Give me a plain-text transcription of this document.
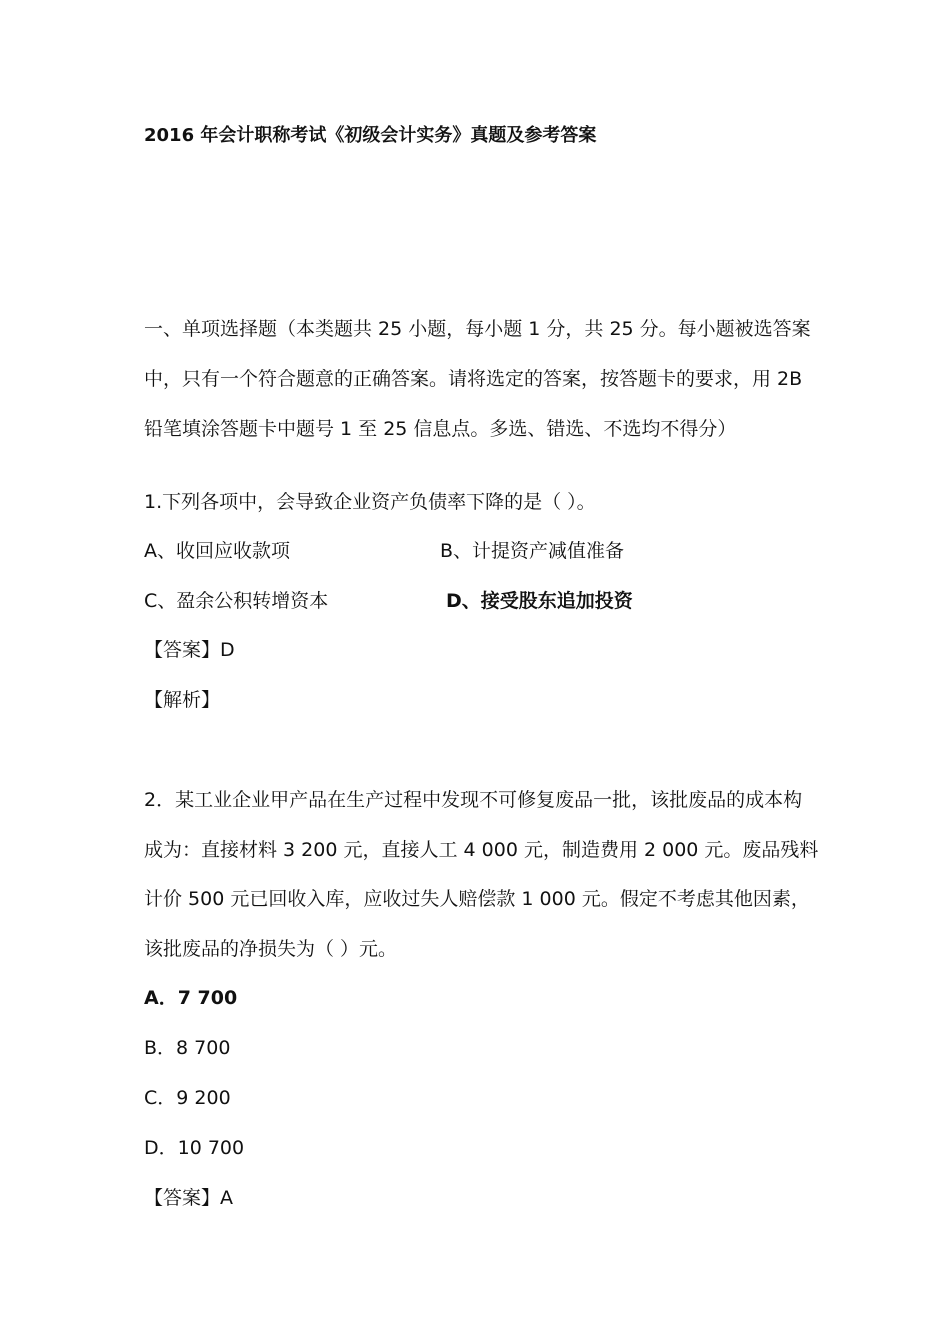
2016 年会计职称考试《初级会计实务》真题及参考答案
一、单项选择题（本类题共 25 小题，每小题 1 分，共 25 分。每小题被选答案
中，只有一个符合题意的正确答案。请将选定的答案，按答题卡的要求，用 2B
铅笔填涂答题卡中题号 1 至 25 信息点。多选、错选、不选均不得分）
1.下列各项中，会导致企业资产负债率下降的是（ ）。
A、收回应收款项	B、计提资产减值准备
C、盈余公积转增资本	D、接受股东追加投资
【答案】D
【解析】
2．某工业企业甲产品在生产过程中发现不可修复废品一批，该批废品的成本构
成为：直接材料 3 200 元，直接人工 4 000 元，制造费用 2 000 元。废品残料
计价 500 元已回收入库，应收过失人赔偿款 1 000 元。假定不考虑其他因素，
该批废品的净损失为（ ）元。
A．7 700
B．8 700
C．9 200
D．10 700
【答案】A
